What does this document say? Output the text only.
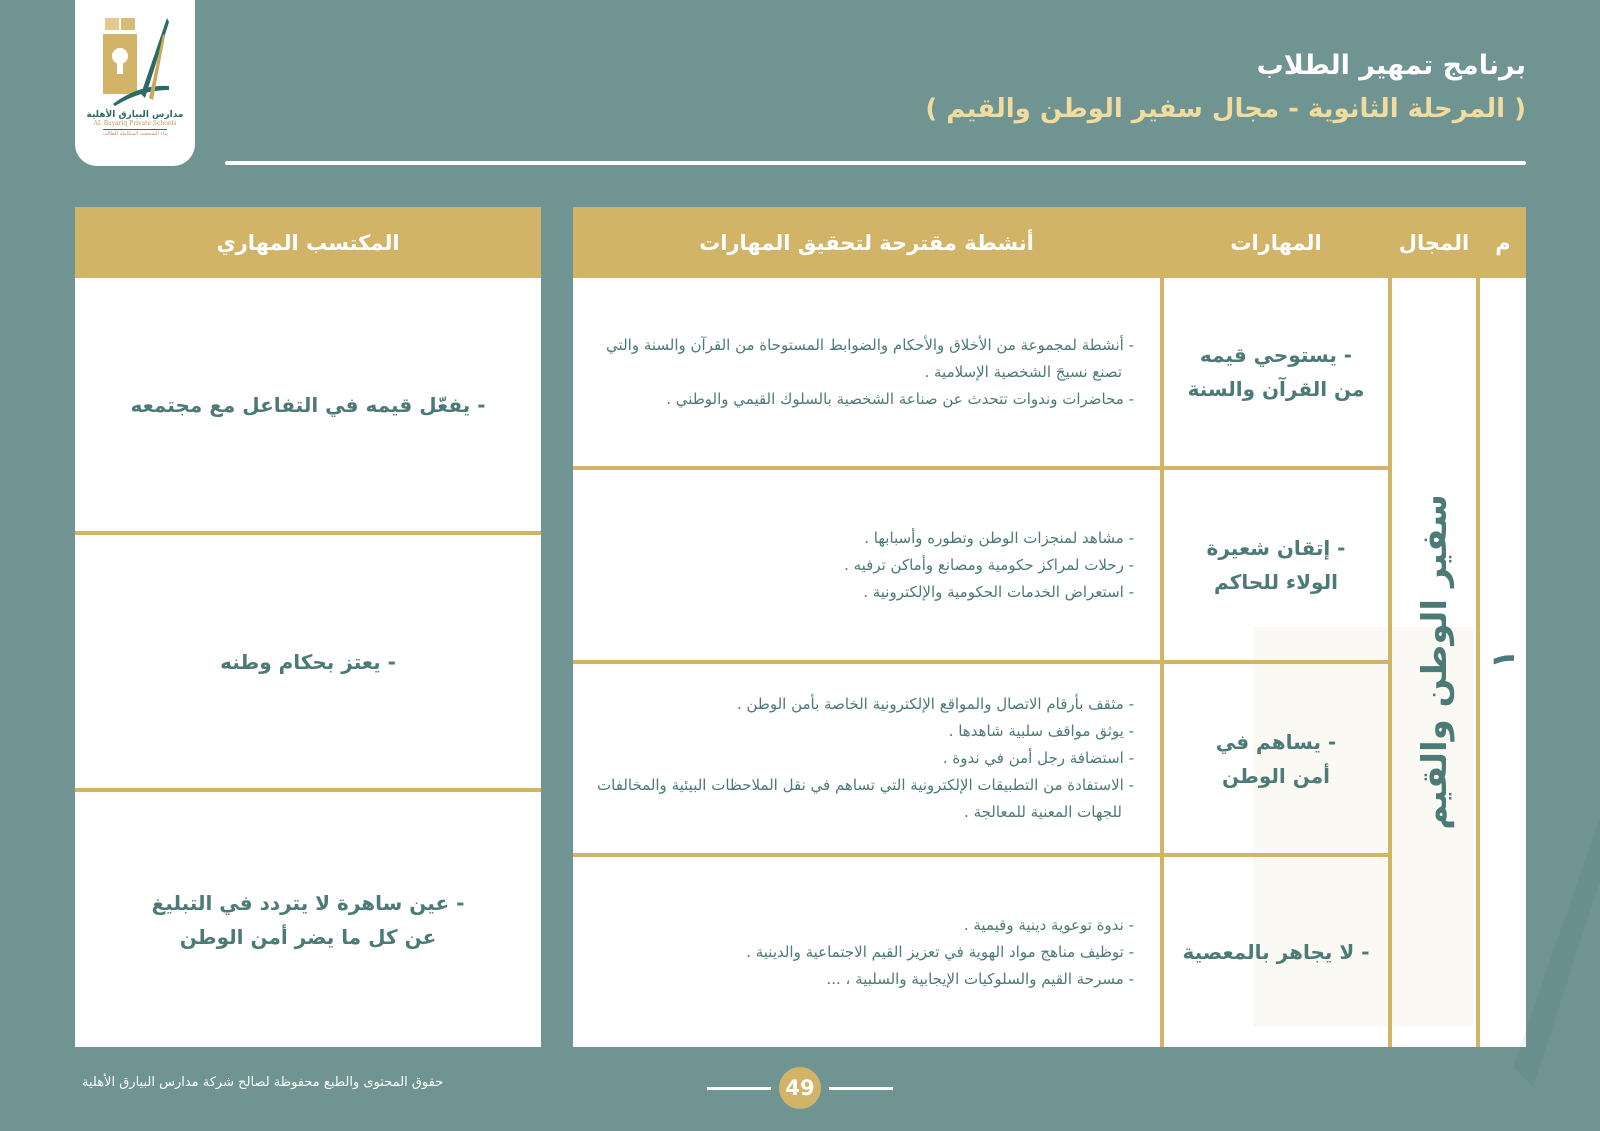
مدارس البيارق الأهلية
AL Bayariq Private Schools
بناء الشخصية المتكاملة للطالب
برنامج تمهير الطلاب
( المرحلة الثانوية - مجال سفير الوطن والقيم )
م
المجال
المهارات
أنشطة مقترحة لتحقيق المهارات
١
سفير الوطن والقيم
- يستوحي قيمه من القرآن والسنة
- إتقان شعيرة الولاء للحاكم
- يساهم في أمن الوطن
- لا يجاهر بالمعصية
- أنشطة لمجموعة من الأخلاق والأحكام والضوابط المستوحاة من القرآن والسنة والتي تصنع نسيجَ الشخصية الإسلامية .
- محاضرات وندوات تتحدث عن صناعة الشخصية بالسلوك القيمي والوطني .
- مشاهد لمنجزات الوطن وتطوره وأسبابها .
- رحلات لمراكز حكومية ومصانع وأماكن ترفيه .
- استعراض الخدمات الحكومية والإلكترونية .
- مثقف بأرقام الاتصال والمواقع الإلكترونية الخاصة بأمن الوطن .
- يوثق مواقف سلبية شاهدها .
- استضافة رجل أمن في ندوة .
- الاستفادة من التطبيقات الإلكترونية التي تساهم في نقل الملاحظات البيئية والمخالفات للجهات المعنية للمعالجة .
- ندوة توعوية دينية وقيمية .
- توظيف مناهج مواد الهوية في تعزيز القيم الاجتماعية والدينية .
- مسرحة القيم والسلوكيات الإيجابية والسلبية ، ...
المكتسب المهاري
- يفعّل قيمه في التفاعل مع مجتمعه
- يعتز بحكام وطنه
- عين ساهرة لا يتردد في التبليغ عن كل ما يضر أمن الوطن
حقوق المحتوى والطبع محفوظة لصالح شركة مدارس البيارق الأهلية	49
